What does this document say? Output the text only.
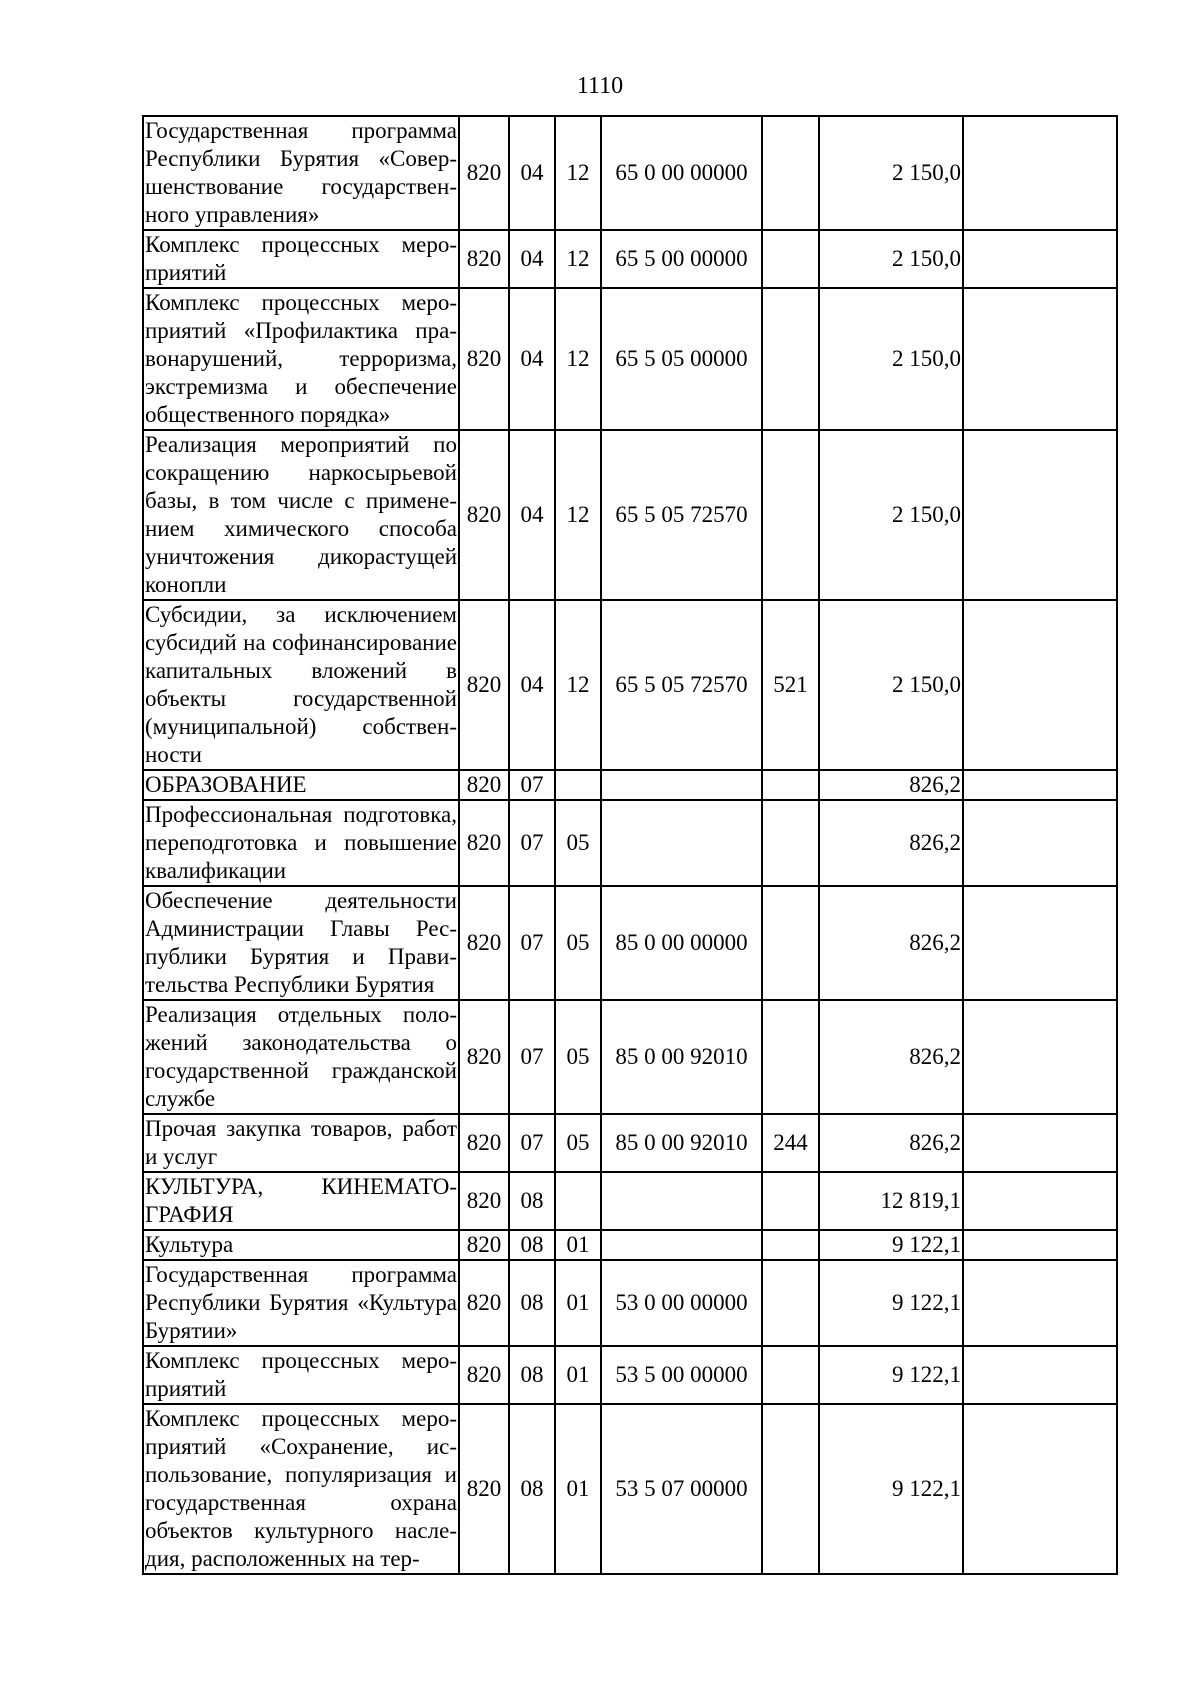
1110
Государственная программа Республики Бурятия «Совершенствование государственного управления»	820	04	12	65 0 00 00000		2 150,0	
Комплекс процессных мероприятий	820	04	12	65 5 00 00000		2 150,0	
Комплекс процессных мероприятий «Профилактика правонарушений, терроризма, экстремизма и обеспечение общественного порядка»	820	04	12	65 5 05 00000		2 150,0	
Реализация мероприятий по сокращению наркосырьевой базы, в том числе с применением химического способа уничтожения дикорастущей конопли	820	04	12	65 5 05 72570		2 150,0	
Субсидии, за исключением субсидий на софинансирование капитальных вложений в объекты государственной (муниципальной) собственности	820	04	12	65 5 05 72570	521	2 150,0	
ОБРАЗОВАНИЕ	820	07				826,2	
Профессиональная подготовка, переподготовка и повышение квалификации	820	07	05			826,2	
Обеспечение деятельности Администрации Главы Республики Бурятия и Правительства Республики Бурятия	820	07	05	85 0 00 00000		826,2	
Реализация отдельных положений законодательства о государственной гражданской службе	820	07	05	85 0 00 92010		826,2	
Прочая закупка товаров, работ и услуг	820	07	05	85 0 00 92010	244	826,2	
КУЛЬТУРА, КИНЕМАТОГРАФИЯ	820	08				12 819,1	
Культура	820	08	01			9 122,1	
Государственная программа Республики Бурятия «Культура Бурятии»	820	08	01	53 0 00 00000		9 122,1	
Комплекс процессных мероприятий	820	08	01	53 5 00 00000		9 122,1	
Комплекс процессных мероприятий «Сохранение, использование, популяризация и государственная охрана объектов культурного наследия, расположенных на тер-	820	08	01	53 5 07 00000		9 122,1	
